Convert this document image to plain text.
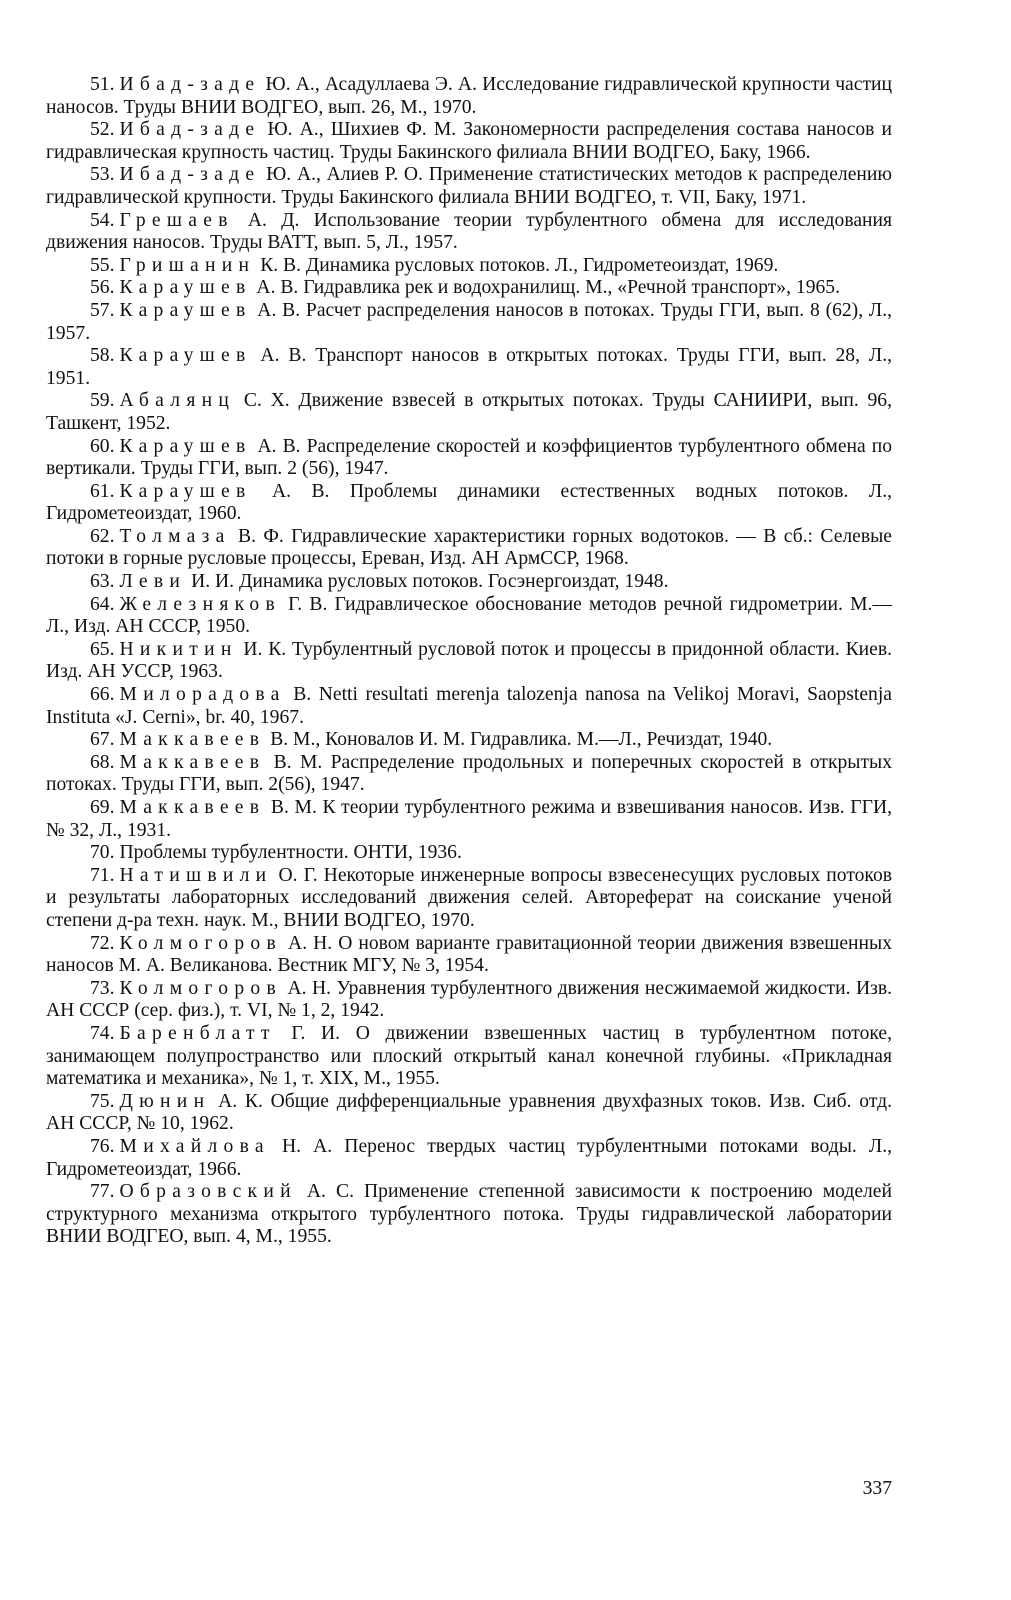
51. Ибад-заде Ю. А., Асадуллаева Э. А. Исследование гидравлической крупности частиц наносов. Труды ВНИИ ВОДГЕО, вып. 26, М., 1970.
52. Ибад-заде Ю. А., Шихиев Ф. М. Закономерности распределения состава наносов и гидравлическая крупность частиц. Труды Бакинского филиала ВНИИ ВОДГЕО, Баку, 1966.
53. Ибад-заде Ю. А., Алиев Р. О. Применение статистических методов к распределению гидравлической крупности. Труды Бакинского филиала ВНИИ ВОДГЕО, т. VII, Баку, 1971.
54. Грешаев А. Д. Использование теории турбулентного обмена для исследования движения наносов. Труды ВАТТ, вып. 5, Л., 1957.
55. Гришанин К. В. Динамика русловых потоков. Л., Гидрометеоиздат, 1969.
56. Караушев А. В. Гидравлика рек и водохранилищ. М., «Речной транспорт», 1965.
57. Караушев А. В. Расчет распределения наносов в потоках. Труды ГГИ, вып. 8 (62), Л., 1957.
58. Караушев А. В. Транспорт наносов в открытых потоках. Труды ГГИ, вып. 28, Л., 1951.
59. Абалянц С. Х. Движение взвесей в открытых потоках. Труды САНИИРИ, вып. 96, Ташкент, 1952.
60. Караушев А. В. Распределение скоростей и коэффициентов турбулентного обмена по вертикали. Труды ГГИ, вып. 2 (56), 1947.
61. Караушев А. В. Проблемы динамики естественных водных потоков. Л., Гидрометеоиздат, 1960.
62. Толмаза В. Ф. Гидравлические характеристики горных водотоков. — В сб.: Селевые потоки в горные русловые процессы, Ереван, Изд. АН АрмССР, 1968.
63. Леви И. И. Динамика русловых потоков. Госэнергоиздат, 1948.
64. Железняков Г. В. Гидравлическое обоснование методов речной гидрометрии. М.—Л., Изд. АН СССР, 1950.
65. Никитин И. К. Турбулентный русловой поток и процессы в придонной области. Киев. Изд. АН УССР, 1963.
66. Милорадова В. Netti resultati merenja talozenja nanosa na Velikoj Moravi, Saopstenja Instituta «J. Cerni», br. 40, 1967.
67. Маккавеев В. М., Коновалов И. М. Гидравлика. М.—Л., Речиздат, 1940.
68. Маккавеев В. М. Распределение продольных и поперечных скоростей в открытых потоках. Труды ГГИ, вып. 2(56), 1947.
69. Маккавеев В. М. К теории турбулентного режима и взвешивания наносов. Изв. ГГИ, № 32, Л., 1931.
70. Проблемы турбулентности. ОНТИ, 1936.
71. Натишвили О. Г. Некоторые инженерные вопросы взвесенесущих русловых потоков и результаты лабораторных исследований движения селей. Автореферат на соискание ученой степени д-ра техн. наук. М., ВНИИ ВОДГЕО, 1970.
72. Колмогоров А. Н. О новом варианте гравитационной теории движения взвешенных наносов М. А. Великанова. Вестник МГУ, № 3, 1954.
73. Колмогоров А. Н. Уравнения турбулентного движения несжимаемой жидкости. Изв. АН СССР (сер. физ.), т. VI, № 1, 2, 1942.
74. Баренблатт Г. И. О движении взвешенных частиц в турбулентном потоке, занимающем полупространство или плоский открытый канал конечной глубины. «Прикладная математика и механика», № 1, т. XIX, М., 1955.
75. Дюнин А. К. Общие дифференциальные уравнения двухфазных токов. Изв. Сиб. отд. АН СССР, № 10, 1962.
76. Михайлова Н. А. Перенос твердых частиц турбулентными потоками воды. Л., Гидрометеоиздат, 1966.
77. Образовский А. С. Применение степенной зависимости к построению моделей структурного механизма открытого турбулентного потока. Труды гидравлической лаборатории ВНИИ ВОДГЕО, вып. 4, М., 1955.
337
